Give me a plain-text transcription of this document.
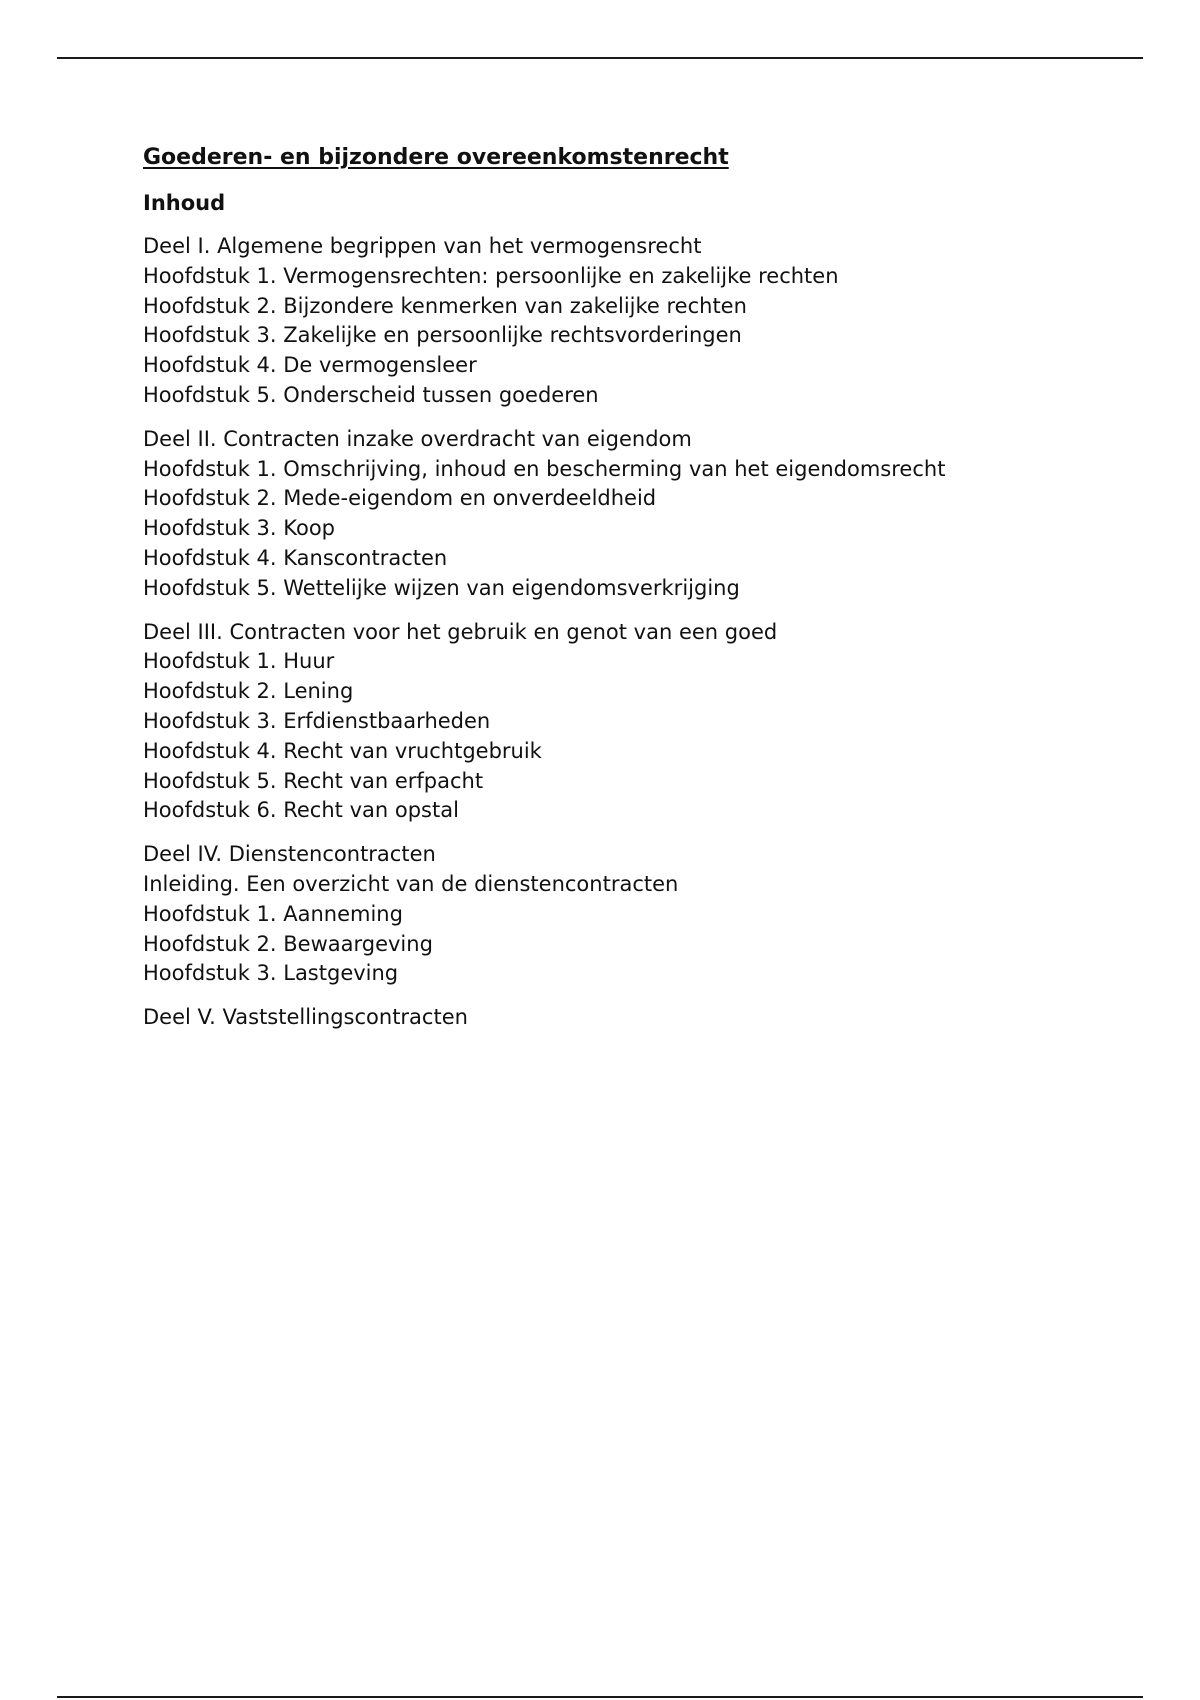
Goederen- en bijzondere overeenkomstenrecht
Inhoud
Deel I. Algemene begrippen van het vermogensrecht
Hoofdstuk 1. Vermogensrechten: persoonlijke en zakelijke rechten
Hoofdstuk 2. Bijzondere kenmerken van zakelijke rechten
Hoofdstuk 3. Zakelijke en persoonlijke rechtsvorderingen
Hoofdstuk 4. De vermogensleer
Hoofdstuk 5. Onderscheid tussen goederen
Deel II. Contracten inzake overdracht van eigendom
Hoofdstuk 1. Omschrijving, inhoud en bescherming van het eigendomsrecht
Hoofdstuk 2. Mede-eigendom en onverdeeldheid
Hoofdstuk 3. Koop
Hoofdstuk 4. Kanscontracten
Hoofdstuk 5. Wettelijke wijzen van eigendomsverkrijging
Deel III. Contracten voor het gebruik en genot van een goed
Hoofdstuk 1. Huur
Hoofdstuk 2. Lening
Hoofdstuk 3. Erfdienstbaarheden
Hoofdstuk 4. Recht van vruchtgebruik
Hoofdstuk 5. Recht van erfpacht
Hoofdstuk 6. Recht van opstal
Deel IV. Dienstencontracten
Inleiding. Een overzicht van de dienstencontracten
Hoofdstuk 1. Aanneming
Hoofdstuk 2. Bewaargeving
Hoofdstuk 3. Lastgeving
Deel V. Vaststellingscontracten
